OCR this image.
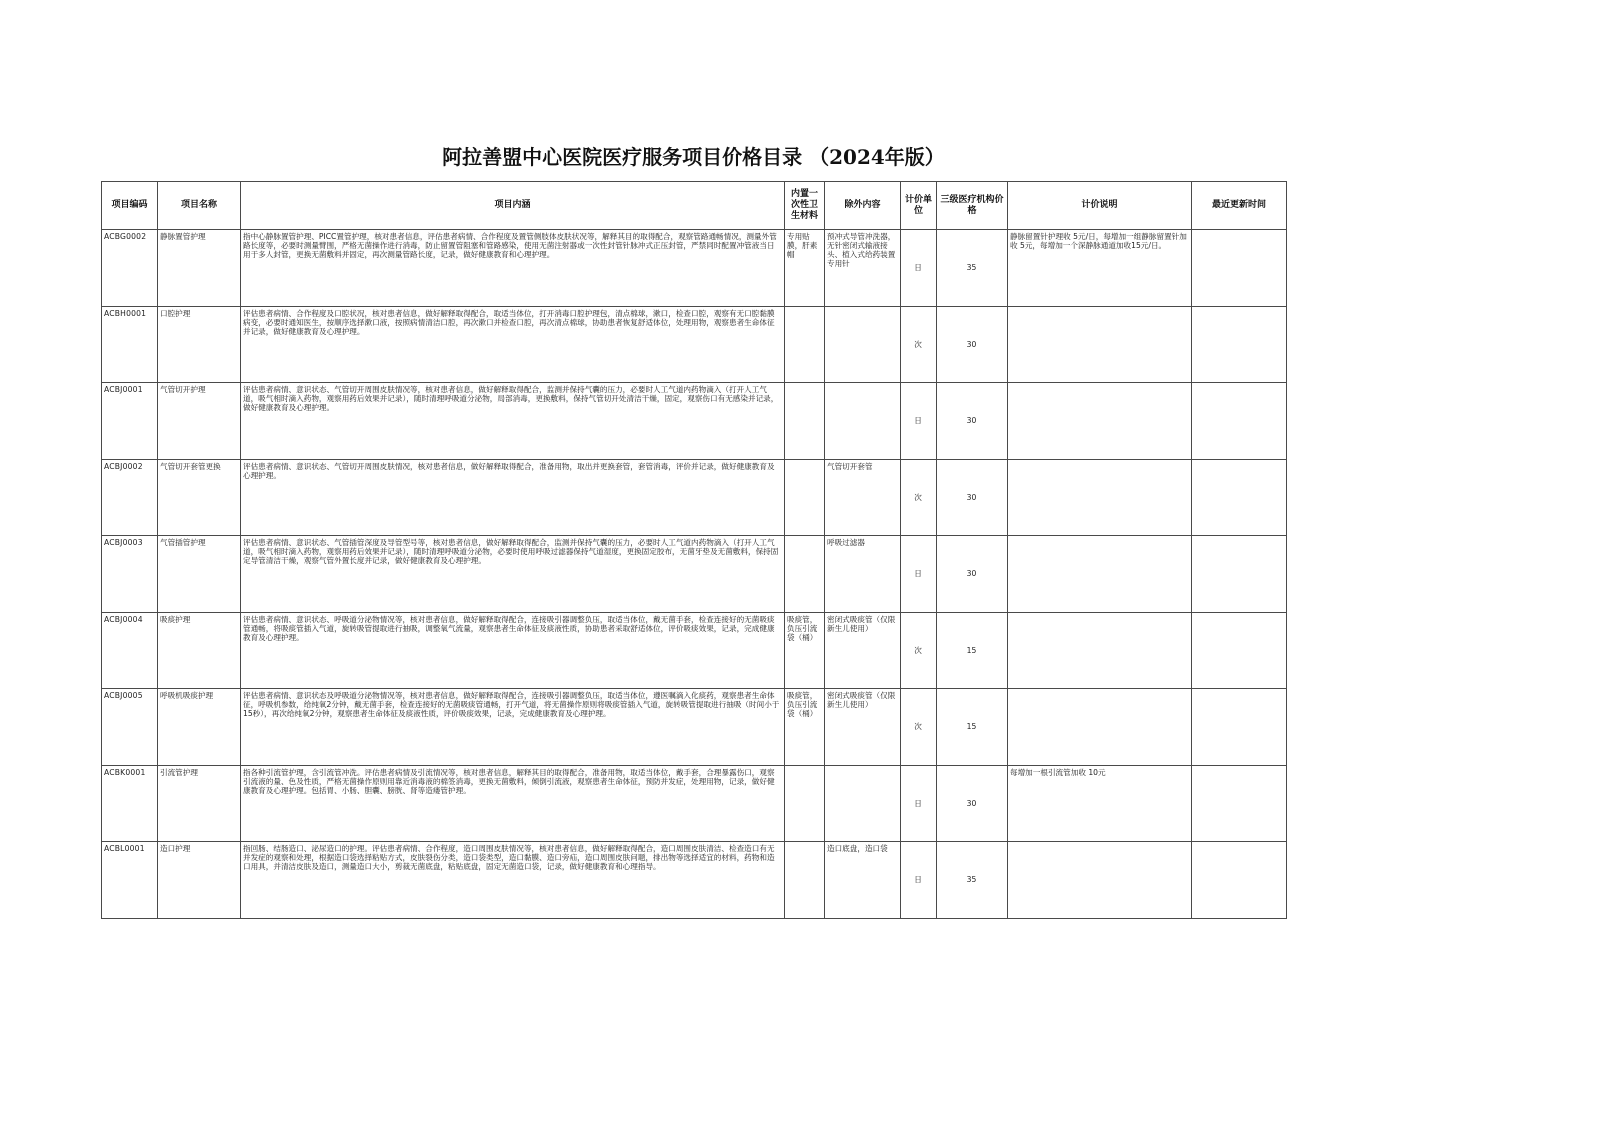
阿拉善盟中心医院医疗服务项目价格目录 （2024年版）
项目编码	项目名称	项目内涵	内置一次性卫生材料	除外内容	计价单位	三级医疗机构价格	计价说明	最近更新时间
ACBG0002	静脉置管护理	指中心静脉置管护理、PICC置管护理，核对患者信息，评估患者病情、合作程度及置管侧肢体皮肤状况等，解释其目的取得配合，观察管路通畅情况，测量外管路长度等，必要时测量臂围，严格无菌操作进行消毒，防止留置管阻塞和管路感染，使用无菌注射器或一次性封管针脉冲式正压封管，严禁同时配置冲管液当日用于多人封管，更换无菌敷料并固定，再次测量管路长度，记录，做好健康教育和心理护理。	专用贴膜，肝素帽	预冲式导管冲洗器，无针密闭式输液接头、植入式给药装置专用针	日	35	静脉留置针护理收 5元/日，每增加一组静脉留置针加收 5元，每增加一个深静脉通道加收15元/日。	
ACBH0001	口腔护理	评估患者病情、合作程度及口腔状况，核对患者信息，做好解释取得配合，取适当体位，打开消毒口腔护理包，清点棉球，漱口，检查口腔，观察有无口腔黏膜病变，必要时通知医生，按顺序选择漱口液，按照病情清洁口腔，再次漱口并检查口腔，再次清点棉球，协助患者恢复舒适体位，处理用物，观察患者生命体征并记录，做好健康教育及心理护理。			次	30		
ACBJ0001	气管切开护理	评估患者病情、意识状态、气管切开周围皮肤情况等，核对患者信息，做好解释取得配合，监测并保持气囊的压力，必要时人工气道内药物滴入（打开人工气道，吸气相时滴入药物，观察用药后效果并记录），随时清理呼吸道分泌物，局部消毒，更换敷料，保持气管切开处清洁干燥，固定，观察伤口有无感染并记录，做好健康教育及心理护理。			日	30		
ACBJ0002	气管切开套管更换	评估患者病情、意识状态、气管切开周围皮肤情况，核对患者信息，做好解释取得配合，准备用物，取出并更换套管，套管消毒，评价并记录，做好健康教育及心理护理。		气管切开套管	次	30		
ACBJ0003	气管插管护理	评估患者病情、意识状态、气管插管深度及导管型号等，核对患者信息，做好解释取得配合，监测并保持气囊的压力，必要时人工气道内药物滴入（打开人工气道，吸气相时滴入药物，观察用药后效果并记录），随时清理呼吸道分泌物，必要时使用呼吸过滤器保持气道湿度，更换固定胶布，无菌牙垫及无菌敷料，保持固定导管清洁干燥，观察气管外置长度并记录，做好健康教育及心理护理。		呼吸过滤器	日	30		
ACBJ0004	吸痰护理	评估患者病情、意识状态、呼吸道分泌物情况等，核对患者信息，做好解释取得配合，连接吸引器调整负压，取适当体位，戴无菌手套，检查连接好的无菌吸痰管通畅，将吸痰管插入气道，旋转吸管提取进行抽吸，调整氧气流量，观察患者生命体征及痰液性质，协助患者采取舒适体位，评价吸痰效果，记录，完成健康教育及心理护理。	吸痰管，负压引流袋（桶）	密闭式吸痰管（仅限新生儿使用）	次	15		
ACBJ0005	呼吸机吸痰护理	评估患者病情、意识状态及呼吸道分泌物情况等，核对患者信息，做好解释取得配合，连接吸引器调整负压，取适当体位，遵医嘱滴入化痰药，观察患者生命体征，呼吸机参数，给纯氧2分钟，戴无菌手套，检查连接好的无菌吸痰管通畅，打开气道，将无菌操作原则将吸痰管插入气道，旋转吸管提取进行抽吸（时间小于15秒），再次给纯氧2分钟，观察患者生命体征及痰液性质，评价吸痰效果，记录，完成健康教育及心理护理。	吸痰管，负压引流袋（桶）	密闭式吸痰管（仅限新生儿使用）	次	15		
ACBK0001	引流管护理	指各种引流管护理，含引流管冲洗。评估患者病情及引流情况等，核对患者信息，解释其目的取得配合，准备用物，取适当体位，戴手套，合理暴露伤口，观察引流液的量、色及性质，严格无菌操作原则用靠近消毒液的棉签消毒，更换无菌敷料，倾倒引流液，观察患者生命体征，预防并发症，处理用物，记录，做好健康教育及心理护理。包括胃、小肠、胆囊、膀胱、肾等造瘘管护理。			日	30	每增加一根引流管加收 10元	
ACBL0001	造口护理	指回肠、结肠造口、泌尿造口的护理。评估患者病情、合作程度，造口周围皮肤情况等，核对患者信息，做好解释取得配合，造口周围皮肤清洁、检查造口有无并发症的观察和处理，根据造口袋选择粘贴方式，皮肤裂伤分类，造口袋类型，造口黏膜、造口旁疝，造口周围皮肤问题，排出物等选择适宜的材料，药物和造口用具，并清洁皮肤及造口，测量造口大小，剪裁无菌底盘，粘贴底盘，固定无菌造口袋，记录，做好健康教育和心理指导。		造口底盘，造口袋	日	35		
